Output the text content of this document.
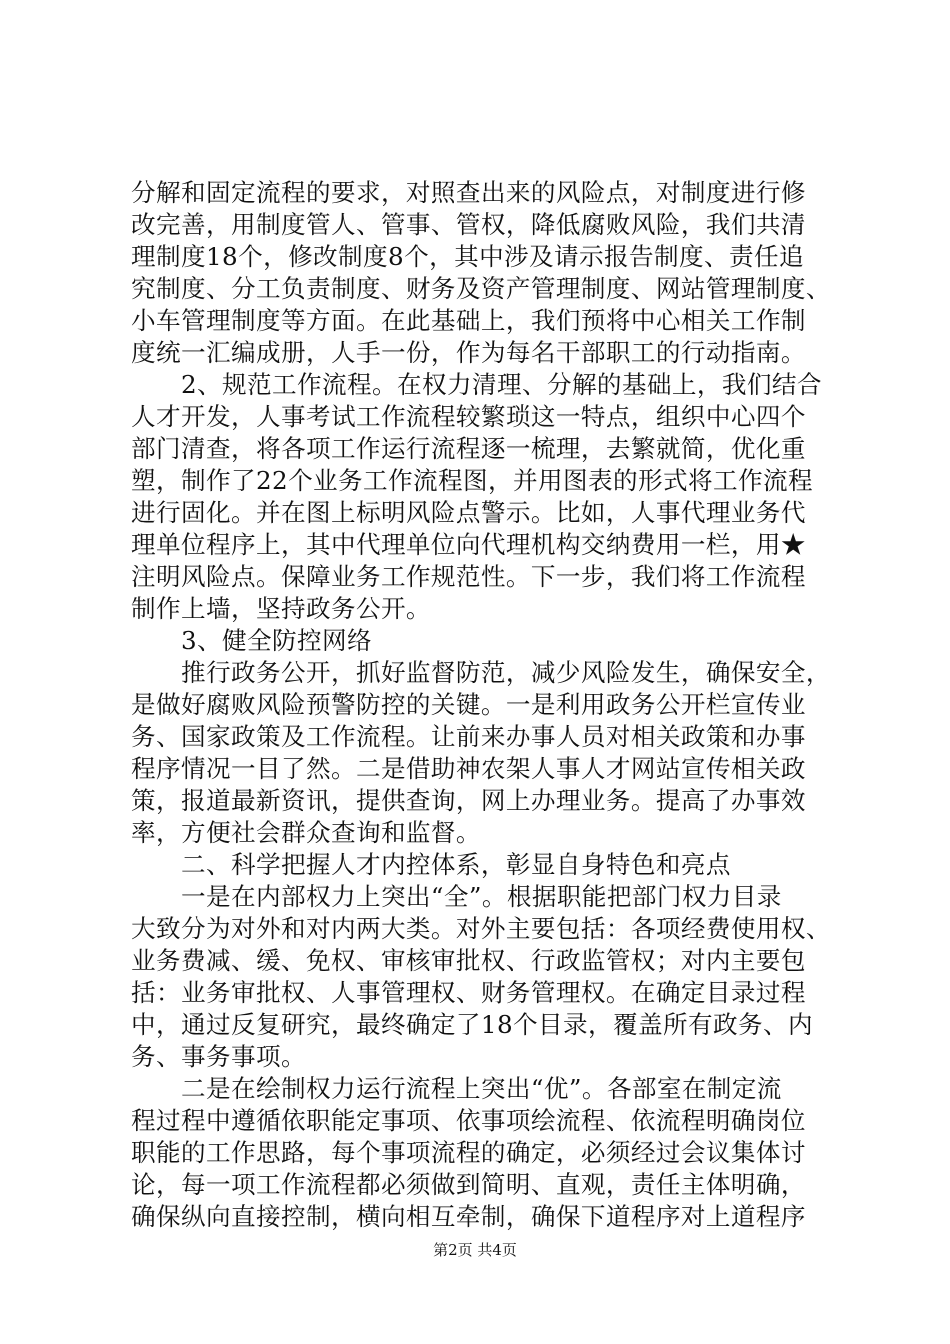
分解和固定流程的要求，对照查出来的风险点，对制度进行修
改完善，用制度管人、管事、管权，降低腐败风险，我们共清
理制度18个，修改制度8个，其中涉及请示报告制度、责任追
究制度、分工负责制度、财务及资产管理制度、网站管理制度、
小车管理制度等方面。在此基础上，我们预将中心相关工作制
度统一汇编成册，人手一份，作为每名干部职工的行动指南。
　　2、规范工作流程。在权力清理、分解的基础上，我们结合
人才开发，人事考试工作流程较繁琐这一特点，组织中心四个
部门清查，将各项工作运行流程逐一梳理，去繁就简，优化重
塑，制作了22个业务工作流程图，并用图表的形式将工作流程
进行固化。并在图上标明风险点警示。比如，人事代理业务代
理单位程序上，其中代理单位向代理机构交纳费用一栏，用★
注明风险点。保障业务工作规范性。下一步，我们将工作流程
制作上墙，坚持政务公开。
　　3、健全防控网络
　　推行政务公开，抓好监督防范，减少风险发生，确保安全，
是做好腐败风险预警防控的关键。一是利用政务公开栏宣传业
务、国家政策及工作流程。让前来办事人员对相关政策和办事
程序情况一目了然。二是借助神农架人事人才网站宣传相关政
策，报道最新资讯，提供查询，网上办理业务。提高了办事效
率，方便社会群众查询和监督。
　　二、科学把握人才内控体系，彰显自身特色和亮点
　　一是在内部权力上突出“全”。根据职能把部门权力目录
大致分为对外和对内两大类。对外主要包括：各项经费使用权、
业务费减、缓、免权、审核审批权、行政监管权；对内主要包
括：业务审批权、人事管理权、财务管理权。在确定目录过程
中，通过反复研究，最终确定了18个目录，覆盖所有政务、内
务、事务事项。
　　二是在绘制权力运行流程上突出“优”。各部室在制定流
程过程中遵循依职能定事项、依事项绘流程、依流程明确岗位
职能的工作思路，每个事项流程的确定，必须经过会议集体讨
论，每一项工作流程都必须做到简明、直观，责任主体明确，
确保纵向直接控制，横向相互牵制，确保下道程序对上道程序
第2页 共4页
